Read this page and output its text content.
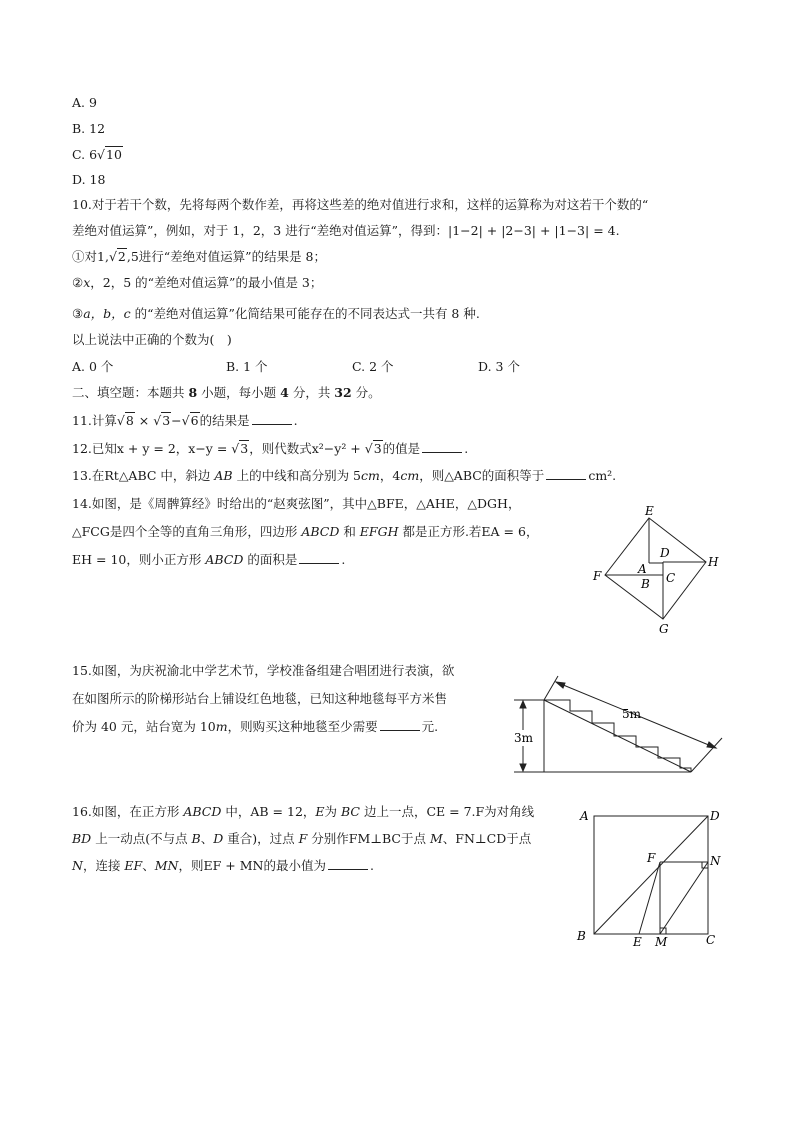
A. 9
B. 12
C. 6√10
D. 18
10.对于若干个数，先将每两个数作差，再将这些差的绝对值进行求和，这样的运算称为对这若干个数的“
差绝对值运算”，例如，对于 1，2，3 进行“差绝对值运算”，得到：|1−2| + |2−3| + |1−3| = 4.
①对1,√2,5进行“差绝对值运算”的结果是 8；
②x，2，5 的“差绝对值运算”的最小值是 3；
③a，b，c 的“差绝对值运算”化简结果可能存在的不同表达式一共有 8 种.
以上说法中正确的个数为(　)
A. 0 个	B. 1 个	C. 2 个	D. 3 个
二、填空题：本题共 8 小题，每小题 4 分，共 32 分。
11.计算√8 × √3−√6的结果是	.
12.已知x + y = 2，x−y = √3，则代数式x²−y² + √3的值是	.
13.在Rt△ABC 中，斜边 AB 上的中线和高分别为 5cm，4cm，则△ABC的面积等于	cm².
14.如图，是《周髀算经》时给出的“赵爽弦图”，其中△BFE，△AHE，△DGH，
△FCG是四个全等的直角三角形，四边形 ABCD 和 EFGH 都是正方形.若EA = 6，
EH = 10，则小正方形 ABCD 的面积是	.
E
F
G
H
A
B C
D
15.如图，为庆祝渝北中学艺术节，学校准备组建合唱团进行表演，欲
在如图所示的阶梯形站台上铺设红色地毯，已知这种地毯每平方米售
价为 40 元，站台宽为 10m，则购买这种地毯至少需要	元.
5m
3m
16.如图，在正方形 ABCD 中，AB = 12，E为 BC 边上一点，CE = 7.F为对角线
BD 上一动点(不与点 B、D 重合)，过点 F 分别作FM⊥BC于点 M、FN⊥CD于点
N，连接 EF、MN，则EF + MN的最小值为	.
A
B	C
D
E
F
M
N
